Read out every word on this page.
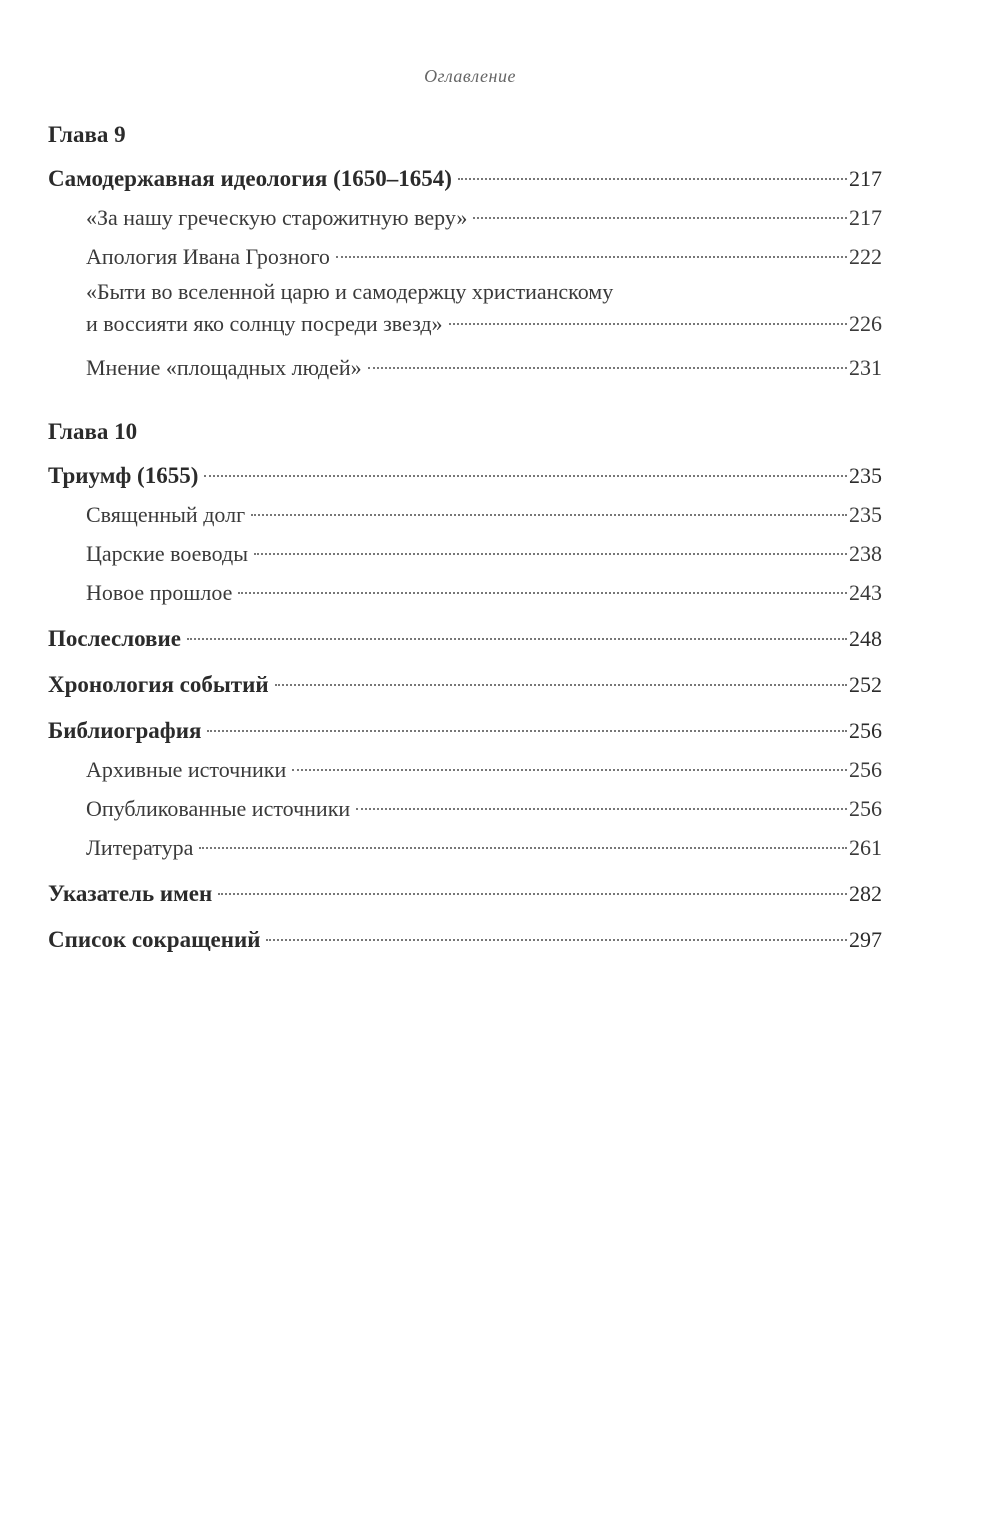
Оглавление
Глава 9
Самодержавная идеология (1650–1654)	217
«За нашу греческую старожитную веру»	217
Апология Ивана Грозного	222
«Быти во вселенной царю и самодержцу христианскому
и воссияти яко солнцу посреди звезд»	226
Мнение «площадных людей»	231
Глава 10
Триумф (1655)	235
Священный долг	235
Царские воеводы	238
Новое прошлое	243
Послесловие	248
Хронология событий	252
Библиография	256
Архивные источники	256
Опубликованные источники	256
Литература	261
Указатель имен	282
Список сокращений	297
